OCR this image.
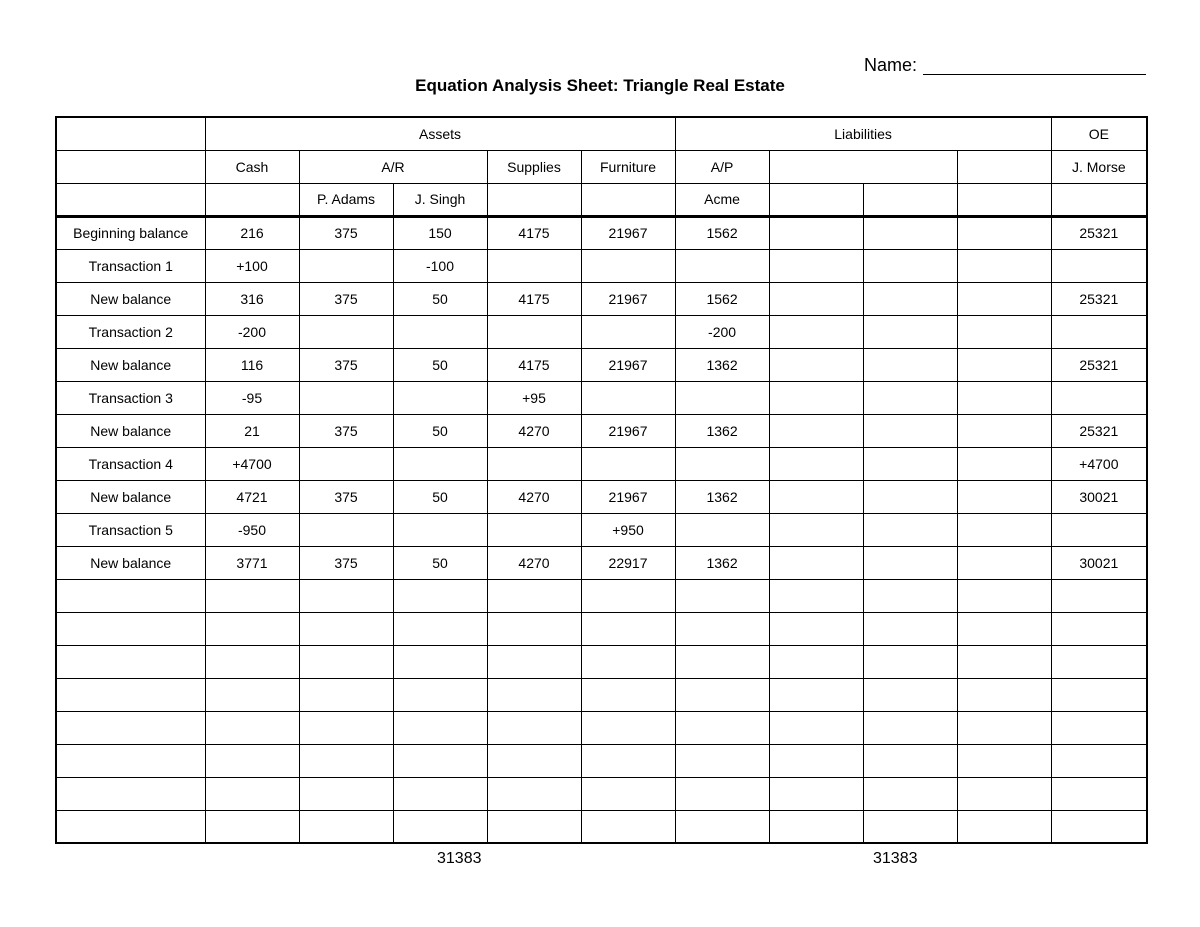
Name:
Equation Analysis Sheet: Triangle Real Estate
	Assets					Liabilities				OE
	Cash	A/R		Supplies	Furniture	A/P				J. Morse
		P. Adams	J. Singh			Acme				
Beginning balance	216	375	150	4175	21967	1562				25321
Transaction 1	+100		-100							
New balance	316	375	50	4175	21967	1562				25321
Transaction 2	-200					-200				
New balance	116	375	50	4175	21967	1362				25321
Transaction 3	-95			+95						
New balance	21	375	50	4270	21967	1362				25321
Transaction 4	+4700									+4700
New balance	4721	375	50	4270	21967	1362				30021
Transaction 5	-950				+950					
New balance	3771	375	50	4270	22917	1362				30021

31383	31383
